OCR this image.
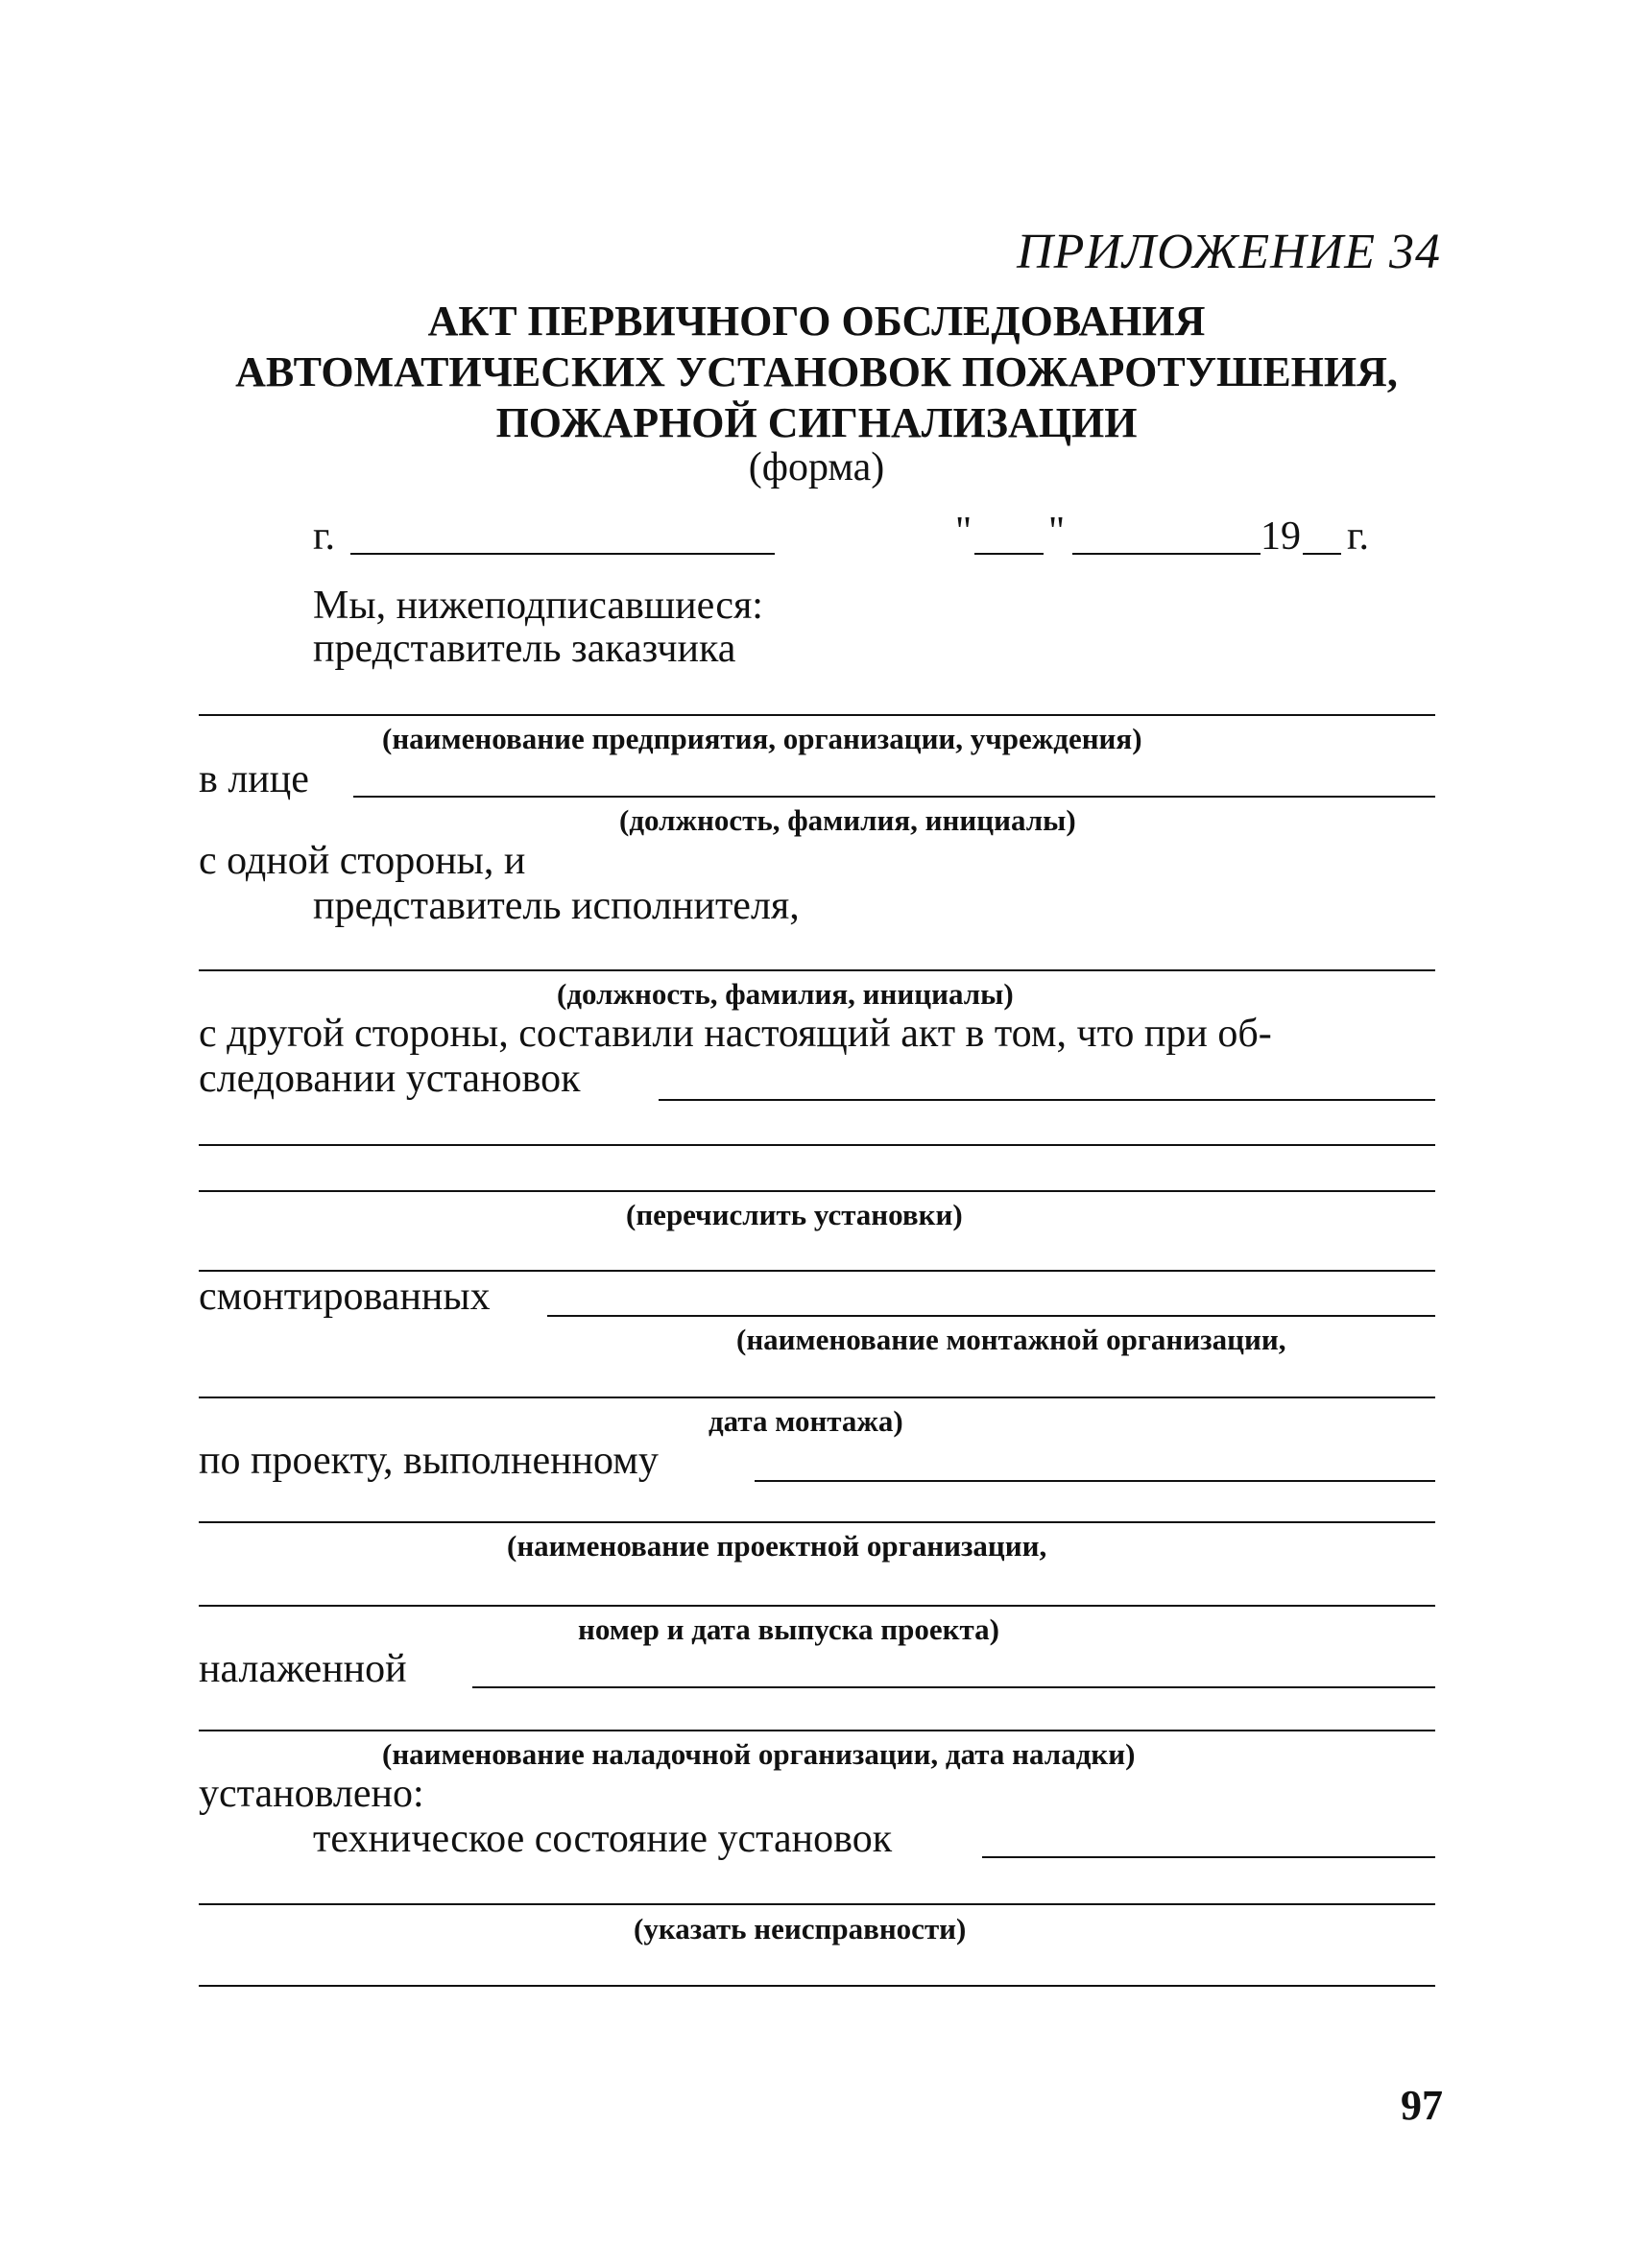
ПРИЛОЖЕНИЕ 34
АКТ ПЕРВИЧНОГО ОБСЛЕДОВАНИЯ
АВТОМАТИЧЕСКИХ УСТАНОВОК ПОЖАРОТУШЕНИЯ,
ПОЖАРНОЙ СИГНАЛИЗАЦИИ
(форма)
г.	" "	19 г.
Мы, нижеподписавшиеся:
представитель заказчика
(наименование предприятия, организации, учреждения)
в лице
(должность, фамилия, инициалы)
с одной стороны, и
представитель исполнителя,
(должность, фамилия, инициалы)
с другой стороны, составили настоящий акт в том, что при об-
следовании установок
(перечислить установки)
смонтированных
(наименование монтажной организации,
дата монтажа)
по проекту, выполненному
(наименование проектной организации,
номер и дата выпуска проекта)
налаженной
(наименование наладочной организации, дата наладки)
установлено:
техническое состояние установок
(указать неисправности)
97
